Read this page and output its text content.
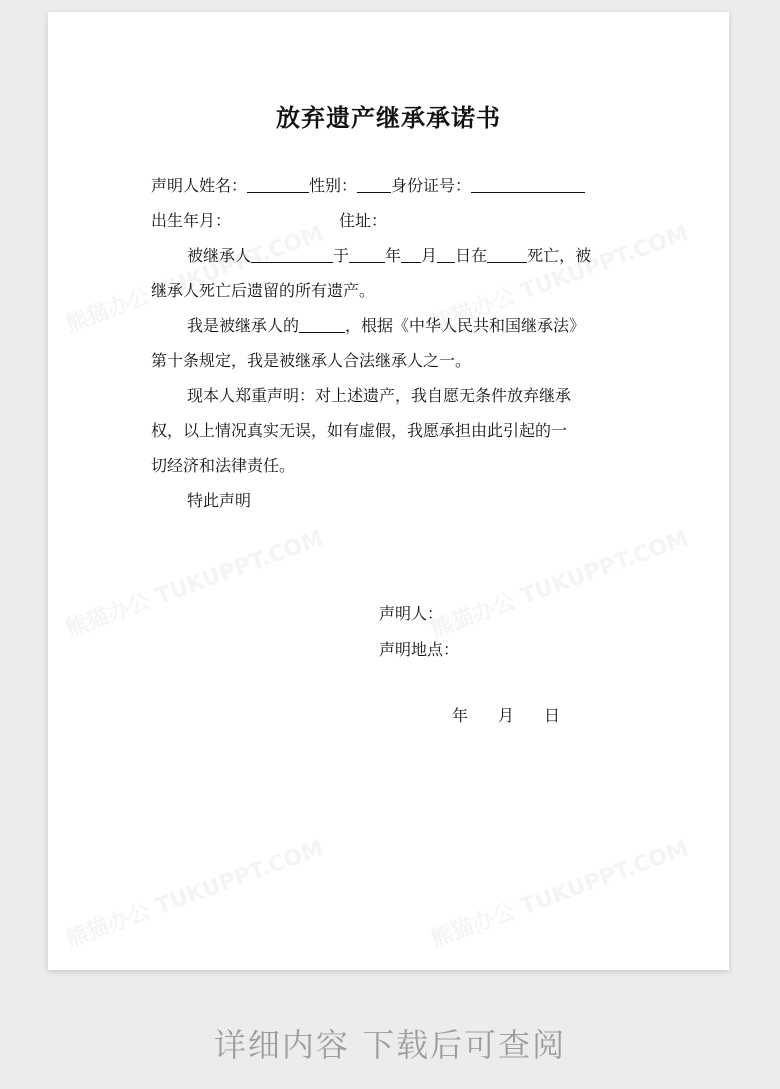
放弃遗产继承承诺书
声明人姓名：	性别： 身份证号：
出生年月：	住址：
被继承人	于 年 月 日在	死亡，被
继承人死亡后遗留的所有遗产。
我是被继承人的	，根据《中华人民共和国继承法》
第十条规定，我是被继承人合法继承人之一。
现本人郑重声明：对上述遗产，我自愿无条件放弃继承
权，以上情况真实无误，如有虚假，我愿承担由此引起的一
切经济和法律责任。
特此声明
声明人：
声明地点：
年 月 日
详细内容 下载后可查阅
